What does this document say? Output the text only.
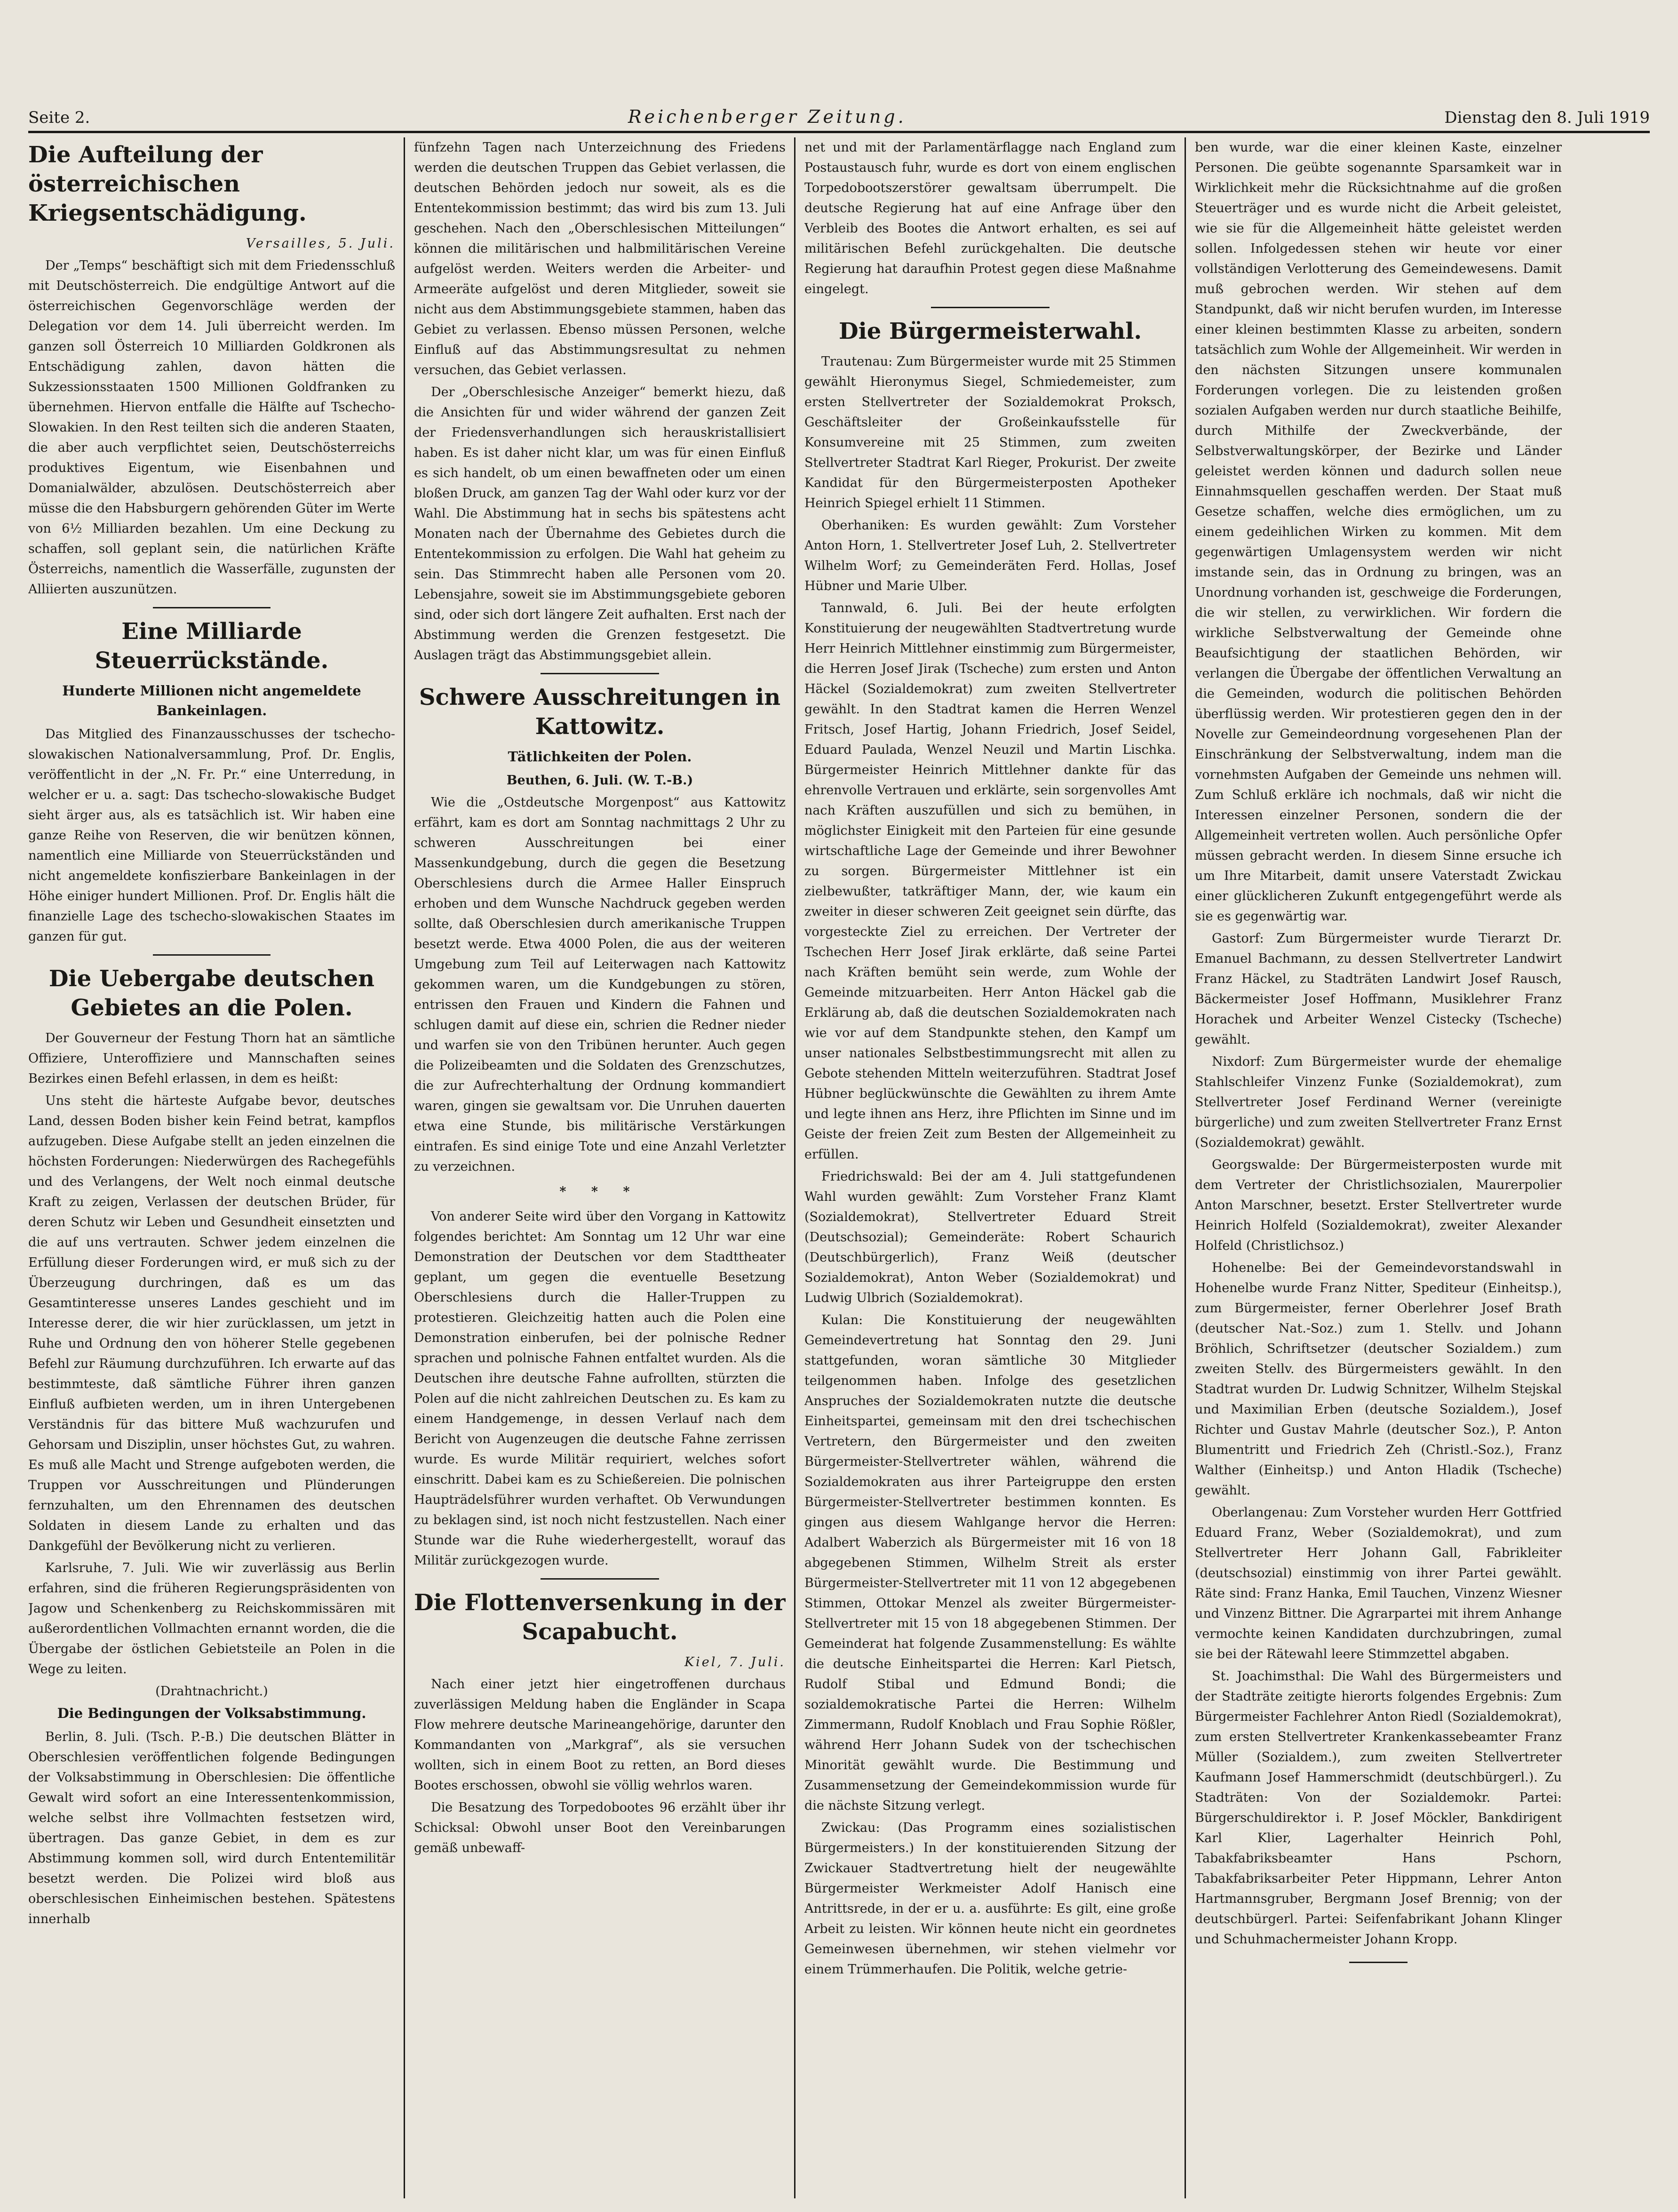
Seite 2.	Reichenberger Zeitung.	Dienstag den 8. Juli 1919
Die Aufteilung der österreichischen Kriegsentschädigung.

Versailles, 5. Juli.

Der „Temps“ beschäftigt sich mit dem Friedensschluß mit Deutschösterreich. Die endgültige Antwort auf die österreichischen Gegenvorschläge werden der Delegation vor dem 14. Juli überreicht werden. Im ganzen soll Österreich 10 Milliarden Goldkronen als Entschädigung zahlen, davon hätten die Sukzessionsstaaten 1500 Millionen Goldfranken zu übernehmen. Hiervon entfalle die Hälfte auf Tschecho-Slowakien. In den Rest teilten sich die anderen Staaten, die aber auch verpflichtet seien, Deutschösterreichs produktives Eigentum, wie Eisenbahnen und Domanialwälder, abzulösen. Deutschösterreich aber müsse die den Habsburgern gehörenden Güter im Werte von 6½ Milliarden bezahlen. Um eine Deckung zu schaffen, soll geplant sein, die natürlichen Kräfte Österreichs, namentlich die Wasserfälle, zugunsten der Alliierten auszunützen.

Eine Milliarde Steuerrückstände.
Hunderte Millionen nicht angemeldete Bankeinlagen.

Das Mitglied des Finanzausschusses der tschecho-slowakischen Nationalversammlung, Prof. Dr. Englis, veröffentlicht in der „N. Fr. Pr.“ eine Unterredung, in welcher er u. a. sagt: Das tschecho-slowakische Budget sieht ärger aus, als es tatsächlich ist. Wir haben eine ganze Reihe von Reserven, die wir benützen können, namentlich eine Milliarde von Steuerrückständen und nicht angemeldete konfiszierbare Bankeinlagen in der Höhe einiger hundert Millionen. Prof. Dr. Englis hält die finanzielle Lage des tschecho-slowakischen Staates im ganzen für gut.

Die Uebergabe deutschen Gebietes an die Polen.

Der Gouverneur der Festung Thorn hat an sämtliche Offiziere, Unteroffiziere und Mannschaften seines Bezirkes einen Befehl erlassen, in dem es heißt:

Uns steht die härteste Aufgabe bevor, deutsches Land, dessen Boden bisher kein Feind betrat, kampflos aufzugeben. Diese Aufgabe stellt an jeden einzelnen die höchsten Forderungen: Niederwürgen des Rachegefühls und des Verlangens, der Welt noch einmal deutsche Kraft zu zeigen, Verlassen der deutschen Brüder, für deren Schutz wir Leben und Gesundheit einsetzten und die auf uns vertrauten. Schwer jedem einzelnen die Erfüllung dieser Forderungen wird, er muß sich zu der Überzeugung durchringen, daß es um das Gesamtinteresse unseres Landes geschieht und im Interesse derer, die wir hier zurücklassen, um jetzt in Ruhe und Ordnung den von höherer Stelle gegebenen Befehl zur Räumung durchzuführen. Ich erwarte auf das bestimmteste, daß sämtliche Führer ihren ganzen Einfluß aufbieten werden, um in ihren Untergebenen Verständnis für das bittere Muß wachzurufen und Gehorsam und Disziplin, unser höchstes Gut, zu wahren. Es muß alle Macht und Strenge aufgeboten werden, die Truppen vor Ausschreitungen und Plünderungen fernzuhalten, um den Ehrennamen des deutschen Soldaten in diesem Lande zu erhalten und das Dankgefühl der Bevölkerung nicht zu verlieren.

Karlsruhe, 7. Juli. Wie wir zuverlässig aus Berlin erfahren, sind die früheren Regierungspräsidenten von Jagow und Schenkenberg zu Reichskommissären mit außerordentlichen Vollmachten ernannt worden, die die Übergabe der östlichen Gebietsteile an Polen in die Wege zu leiten.

(Drahtnachricht.)

Die Bedingungen der Volksabstimmung.

Berlin, 8. Juli. (Tsch. P.-B.) Die deutschen Blätter in Oberschlesien veröffentlichen folgende Bedingungen der Volksabstimmung in Oberschlesien: Die öffentliche Gewalt wird sofort an eine Interessentenkommission, welche selbst ihre Vollmachten festsetzen wird, übertragen. Das ganze Gebiet, in dem es zur Abstimmung kommen soll, wird durch Ententemilitär besetzt werden. Die Polizei wird bloß aus oberschlesischen Einheimischen bestehen. Spätestens innerhalb

fünfzehn Tagen nach Unterzeichnung des Friedens werden die deutschen Truppen das Gebiet verlassen, die deutschen Behörden jedoch nur soweit, als es die Ententekommission bestimmt; das wird bis zum 13. Juli geschehen. Nach den „Oberschlesischen Mitteilungen“ können die militärischen und halbmilitärischen Vereine aufgelöst werden. Weiters werden die Arbeiter- und Armeeräte aufgelöst und deren Mitglieder, soweit sie nicht aus dem Abstimmungsgebiete stammen, haben das Gebiet zu verlassen. Ebenso müssen Personen, welche Einfluß auf das Abstimmungsresultat zu nehmen versuchen, das Gebiet verlassen.

Der „Oberschlesische Anzeiger“ bemerkt hiezu, daß die Ansichten für und wider während der ganzen Zeit der Friedensverhandlungen sich herauskristallisiert haben. Es ist daher nicht klar, um was für einen Einfluß es sich handelt, ob um einen bewaffneten oder um einen bloßen Druck, am ganzen Tag der Wahl oder kurz vor der Wahl. Die Abstimmung hat in sechs bis spätestens acht Monaten nach der Übernahme des Gebietes durch die Ententekommission zu erfolgen. Die Wahl hat geheim zu sein. Das Stimmrecht haben alle Personen vom 20. Lebensjahre, soweit sie im Abstimmungsgebiete geboren sind, oder sich dort längere Zeit aufhalten. Erst nach der Abstimmung werden die Grenzen festgesetzt. Die Auslagen trägt das Abstimmungsgebiet allein.

Schwere Ausschreitungen in Kattowitz.
Tätlichkeiten der Polen.

Beuthen, 6. Juli. (W. T.-B.)

Wie die „Ostdeutsche Morgenpost“ aus Kattowitz erfährt, kam es dort am Sonntag nachmittags 2 Uhr zu schweren Ausschreitungen bei einer Massenkundgebung, durch die gegen die Besetzung Oberschlesiens durch die Armee Haller Einspruch erhoben und dem Wunsche Nachdruck gegeben werden sollte, daß Oberschlesien durch amerikanische Truppen besetzt werde. Etwa 4000 Polen, die aus der weiteren Umgebung zum Teil auf Leiterwagen nach Kattowitz gekommen waren, um die Kundgebungen zu stören, entrissen den Frauen und Kindern die Fahnen und schlugen damit auf diese ein, schrien die Redner nieder und warfen sie von den Tribünen herunter. Auch gegen die Polizeibeamten und die Soldaten des Grenzschutzes, die zur Aufrechterhaltung der Ordnung kommandiert waren, gingen sie gewaltsam vor. Die Unruhen dauerten etwa eine Stunde, bis militärische Verstärkungen eintrafen. Es sind einige Tote und eine Anzahl Verletzter zu verzeichnen.

* * *

Von anderer Seite wird über den Vorgang in Kattowitz folgendes berichtet: Am Sonntag um 12 Uhr war eine Demonstration der Deutschen vor dem Stadttheater geplant, um gegen die eventuelle Besetzung Oberschlesiens durch die Haller-Truppen zu protestieren. Gleichzeitig hatten auch die Polen eine Demonstration einberufen, bei der polnische Redner sprachen und polnische Fahnen entfaltet wurden. Als die Deutschen ihre deutsche Fahne aufrollten, stürzten die Polen auf die nicht zahlreichen Deutschen zu. Es kam zu einem Handgemenge, in dessen Verlauf nach dem Bericht von Augenzeugen die deutsche Fahne zerrissen wurde. Es wurde Militär requiriert, welches sofort einschritt. Dabei kam es zu Schießereien. Die polnischen Haupträdelsführer wurden verhaftet. Ob Verwundungen zu beklagen sind, ist noch nicht festzustellen. Nach einer Stunde war die Ruhe wiederhergestellt, worauf das Militär zurückgezogen wurde.

Die Flottenversenkung in der Scapabucht.

Kiel, 7. Juli.

Nach einer jetzt hier eingetroffenen durchaus zuverlässigen Meldung haben die Engländer in Scapa Flow mehrere deutsche Marineangehörige, darunter den Kommandanten von „Markgraf“, als sie versuchen wollten, sich in einem Boot zu retten, an Bord dieses Bootes erschossen, obwohl sie völlig wehrlos waren.

Die Besatzung des Torpedobootes 96 erzählt über ihr Schicksal: Obwohl unser Boot den Vereinbarungen gemäß unbewaff-

net und mit der Parlamentärflagge nach England zum Postaustausch fuhr, wurde es dort von einem englischen Torpedobootszerstörer gewaltsam überrumpelt. Die deutsche Regierung hat auf eine Anfrage über den Verbleib des Bootes die Antwort erhalten, es sei auf militärischen Befehl zurückgehalten. Die deutsche Regierung hat daraufhin Protest gegen diese Maßnahme eingelegt.

Die Bürgermeisterwahl.

Trautenau: Zum Bürgermeister wurde mit 25 Stimmen gewählt Hieronymus Siegel, Schmiedemeister, zum ersten Stellvertreter der Sozialdemokrat Proksch, Geschäftsleiter der Großeinkaufsstelle für Konsumvereine mit 25 Stimmen, zum zweiten Stellvertreter Stadtrat Karl Rieger, Prokurist. Der zweite Kandidat für den Bürgermeisterposten Apotheker Heinrich Spiegel erhielt 11 Stimmen.

Oberhaniken: Es wurden gewählt: Zum Vorsteher Anton Horn, 1. Stellvertreter Josef Luh, 2. Stellvertreter Wilhelm Worf; zu Gemeinderäten Ferd. Hollas, Josef Hübner und Marie Ulber.

Tannwald, 6. Juli. Bei der heute erfolgten Konstituierung der neugewählten Stadtvertretung wurde Herr Heinrich Mittlehner einstimmig zum Bürgermeister, die Herren Josef Jirak (Tscheche) zum ersten und Anton Häckel (Sozialdemokrat) zum zweiten Stellvertreter gewählt. In den Stadtrat kamen die Herren Wenzel Fritsch, Josef Hartig, Johann Friedrich, Josef Seidel, Eduard Paulada, Wenzel Neuzil und Martin Lischka. Bürgermeister Heinrich Mittlehner dankte für das ehrenvolle Vertrauen und erklärte, sein sorgenvolles Amt nach Kräften auszufüllen und sich zu bemühen, in möglichster Einigkeit mit den Parteien für eine gesunde wirtschaftliche Lage der Gemeinde und ihrer Bewohner zu sorgen. Bürgermeister Mittlehner ist ein zielbewußter, tatkräftiger Mann, der, wie kaum ein zweiter in dieser schweren Zeit geeignet sein dürfte, das vorgesteckte Ziel zu erreichen. Der Vertreter der Tschechen Herr Josef Jirak erklärte, daß seine Partei nach Kräften bemüht sein werde, zum Wohle der Gemeinde mitzuarbeiten. Herr Anton Häckel gab die Erklärung ab, daß die deutschen Sozialdemokraten nach wie vor auf dem Standpunkte stehen, den Kampf um unser nationales Selbstbestimmungsrecht mit allen zu Gebote stehenden Mitteln weiterzuführen. Stadtrat Josef Hübner beglückwünschte die Gewählten zu ihrem Amte und legte ihnen ans Herz, ihre Pflichten im Sinne und im Geiste der freien Zeit zum Besten der Allgemeinheit zu erfüllen.

Friedrichswald: Bei der am 4. Juli stattgefundenen Wahl wurden gewählt: Zum Vorsteher Franz Klamt (Sozialdemokrat), Stellvertreter Eduard Streit (Deutschsozial); Gemeinderäte: Robert Schaurich (Deutschbürgerlich), Franz Weiß (deutscher Sozialdemokrat), Anton Weber (Sozialdemokrat) und Ludwig Ulbrich (Sozialdemokrat).

Kulan: Die Konstituierung der neugewählten Gemeindevertretung hat Sonntag den 29. Juni stattgefunden, woran sämtliche 30 Mitglieder teilgenommen haben. Infolge des gesetzlichen Anspruches der Sozialdemokraten nutzte die deutsche Einheitspartei, gemeinsam mit den drei tschechischen Vertretern, den Bürgermeister und den zweiten Bürgermeister-Stellvertreter wählen, während die Sozialdemokraten aus ihrer Parteigruppe den ersten Bürgermeister-Stellvertreter bestimmen konnten. Es gingen aus diesem Wahlgange hervor die Herren: Adalbert Waberzich als Bürgermeister mit 16 von 18 abgegebenen Stimmen, Wilhelm Streit als erster Bürgermeister-Stellvertreter mit 11 von 12 abgegebenen Stimmen, Ottokar Menzel als zweiter Bürgermeister-Stellvertreter mit 15 von 18 abgegebenen Stimmen. Der Gemeinderat hat folgende Zusammenstellung: Es wählte die deutsche Einheitspartei die Herren: Karl Pietsch, Rudolf Stibal und Edmund Bondi; die sozialdemokratische Partei die Herren: Wilhelm Zimmermann, Rudolf Knoblach und Frau Sophie Rößler, während Herr Johann Sudek von der tschechischen Minorität gewählt wurde. Die Bestimmung und Zusammensetzung der Gemeindekommission wurde für die nächste Sitzung verlegt.

Zwickau: (Das Programm eines sozialistischen Bürgermeisters.) In der konstituierenden Sitzung der Zwickauer Stadtvertretung hielt der neugewählte Bürgermeister Werkmeister Adolf Hanisch eine Antrittsrede, in der er u. a. ausführte: Es gilt, eine große Arbeit zu leisten. Wir können heute nicht ein geordnetes Gemeinwesen übernehmen, wir stehen vielmehr vor einem Trümmerhaufen. Die Politik, welche getrie-

ben wurde, war die einer kleinen Kaste, einzelner Personen. Die geübte sogenannte Sparsamkeit war in Wirklichkeit mehr die Rücksichtnahme auf die großen Steuerträger und es wurde nicht die Arbeit geleistet, wie sie für die Allgemeinheit hätte geleistet werden sollen. Infolgedessen stehen wir heute vor einer vollständigen Verlotterung des Gemeindewesens. Damit muß gebrochen werden. Wir stehen auf dem Standpunkt, daß wir nicht berufen wurden, im Interesse einer kleinen bestimmten Klasse zu arbeiten, sondern tatsächlich zum Wohle der Allgemeinheit. Wir werden in den nächsten Sitzungen unsere kommunalen Forderungen vorlegen. Die zu leistenden großen sozialen Aufgaben werden nur durch staatliche Beihilfe, durch Mithilfe der Zweckverbände, der Selbstverwaltungskörper, der Bezirke und Länder geleistet werden können und dadurch sollen neue Einnahmsquellen geschaffen werden. Der Staat muß Gesetze schaffen, welche dies ermöglichen, um zu einem gedeihlichen Wirken zu kommen. Mit dem gegenwärtigen Umlagensystem werden wir nicht imstande sein, das in Ordnung zu bringen, was an Unordnung vorhanden ist, geschweige die Forderungen, die wir stellen, zu verwirklichen. Wir fordern die wirkliche Selbstverwaltung der Gemeinde ohne Beaufsichtigung der staatlichen Behörden, wir verlangen die Übergabe der öffentlichen Verwaltung an die Gemeinden, wodurch die politischen Behörden überflüssig werden. Wir protestieren gegen den in der Novelle zur Gemeindeordnung vorgesehenen Plan der Einschränkung der Selbstverwaltung, indem man die vornehmsten Aufgaben der Gemeinde uns nehmen will. Zum Schluß erkläre ich nochmals, daß wir nicht die Interessen einzelner Personen, sondern die der Allgemeinheit vertreten wollen. Auch persönliche Opfer müssen gebracht werden. In diesem Sinne ersuche ich um Ihre Mitarbeit, damit unsere Vaterstadt Zwickau einer glücklicheren Zukunft entgegengeführt werde als sie es gegenwärtig war.

Gastorf: Zum Bürgermeister wurde Tierarzt Dr. Emanuel Bachmann, zu dessen Stellvertreter Landwirt Franz Häckel, zu Stadträten Landwirt Josef Rausch, Bäckermeister Josef Hoffmann, Musiklehrer Franz Horachek und Arbeiter Wenzel Cistecky (Tscheche) gewählt.

Nixdorf: Zum Bürgermeister wurde der ehemalige Stahlschleifer Vinzenz Funke (Sozialdemokrat), zum Stellvertreter Josef Ferdinand Werner (vereinigte bürgerliche) und zum zweiten Stellvertreter Franz Ernst (Sozialdemokrat) gewählt.

Georgswalde: Der Bürgermeisterposten wurde mit dem Vertreter der Christlichsozialen, Maurerpolier Anton Marschner, besetzt. Erster Stellvertreter wurde Heinrich Holfeld (Sozialdemokrat), zweiter Alexander Holfeld (Christlichsoz.)

Hohenelbe: Bei der Gemeindevorstandswahl in Hohenelbe wurde Franz Nitter, Spediteur (Einheitsp.), zum Bürgermeister, ferner Oberlehrer Josef Brath (deutscher Nat.-Soz.) zum 1. Stellv. und Johann Bröhlich, Schriftsetzer (deutscher Sozialdem.) zum zweiten Stellv. des Bürgermeisters gewählt. In den Stadtrat wurden Dr. Ludwig Schnitzer, Wilhelm Stejskal und Maximilian Erben (deutsche Sozialdem.), Josef Richter und Gustav Mahrle (deutscher Soz.), P. Anton Blumentritt und Friedrich Zeh (Christl.-Soz.), Franz Walther (Einheitsp.) und Anton Hladik (Tscheche) gewählt.

Oberlangenau: Zum Vorsteher wurden Herr Gottfried Eduard Franz, Weber (Sozialdemokrat), und zum Stellvertreter Herr Johann Gall, Fabrikleiter (deutschsozial) einstimmig von ihrer Partei gewählt. Räte sind: Franz Hanka, Emil Tauchen, Vinzenz Wiesner und Vinzenz Bittner. Die Agrarpartei mit ihrem Anhange vermochte keinen Kandidaten durchzubringen, zumal sie bei der Rätewahl leere Stimmzettel abgaben.

St. Joachimsthal: Die Wahl des Bürgermeisters und der Stadträte zeitigte hierorts folgendes Ergebnis: Zum Bürgermeister Fachlehrer Anton Riedl (Sozialdemokrat), zum ersten Stellvertreter Krankenkassebeamter Franz Müller (Sozialdem.), zum zweiten Stellvertreter Kaufmann Josef Hammerschmidt (deutschbürgerl.). Zu Stadträten: Von der Sozialdemokr. Partei: Bürgerschuldirektor i. P. Josef Möckler, Bankdirigent Karl Klier, Lagerhalter Heinrich Pohl, Tabakfabriksbeamter Hans Pschorn, Tabakfabriksarbeiter Peter Hippmann, Lehrer Anton Hartmannsgruber, Bergmann Josef Brennig; von der deutschbürgerl. Partei: Seifenfabrikant Johann Klinger und Schuhmachermeister Johann Kropp.
